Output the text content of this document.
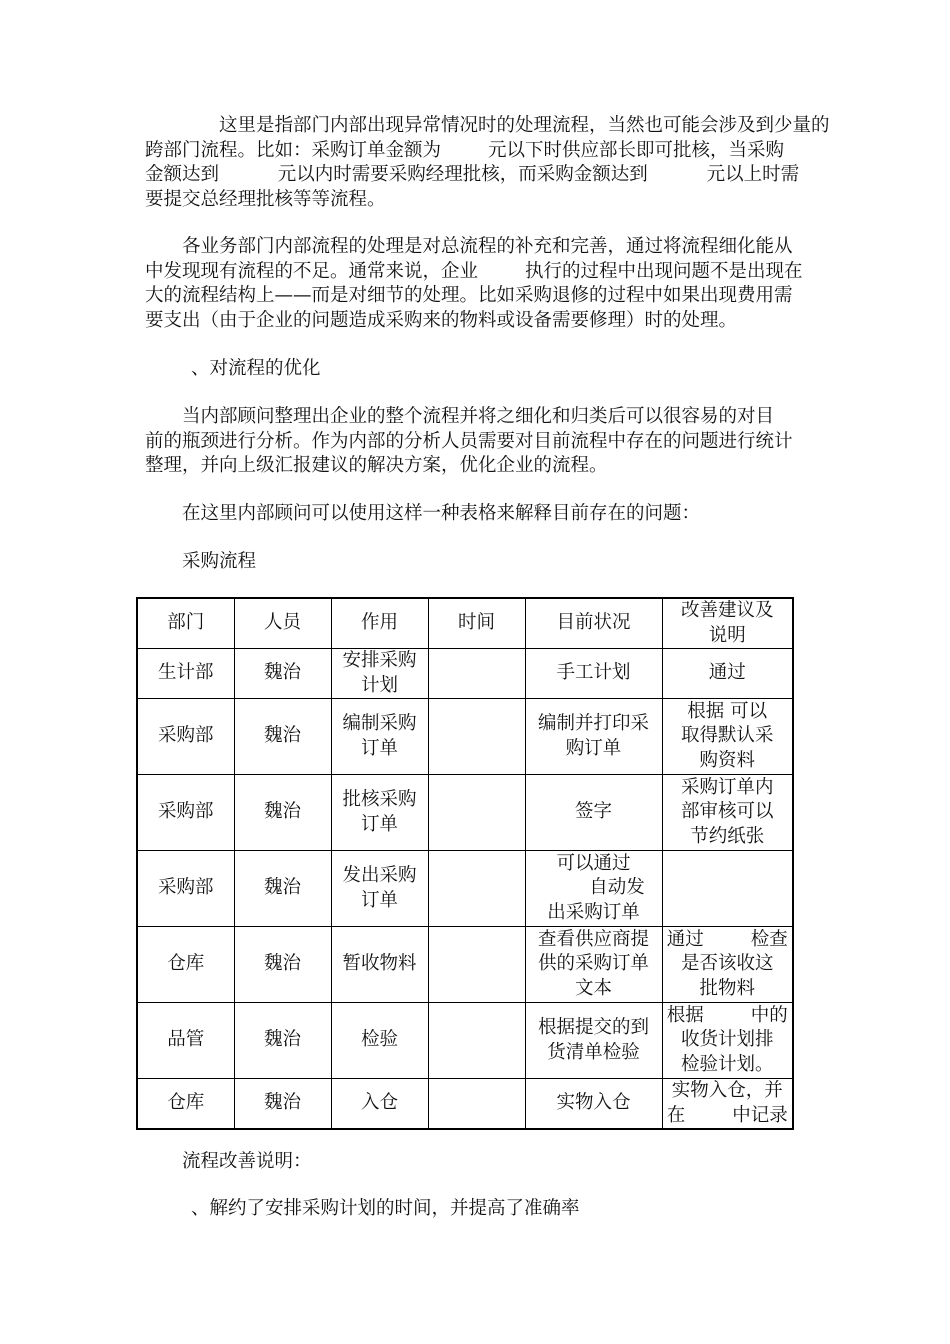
这里是指部门内部出现异常情况时的处理流程，当然也可能会涉及到少量的
跨部门流程。比如：采购订单金额为        元以下时供应部长即可批核，当采购
金额达到          元以内时需要采购经理批核，而采购金额达到          元以上时需
要提交总经理批核等等流程。
各业务部门内部流程的处理是对总流程的补充和完善，通过将流程细化能从
中发现现有流程的不足。通常来说，企业        执行的过程中出现问题不是出现在
大的流程结构上——而是对细节的处理。比如采购退修的过程中如果出现费用需
要支出（由于企业的问题造成采购来的物料或设备需要修理）时的处理。

、对流程的优化

当内部顾问整理出企业的整个流程并将之细化和归类后可以很容易的对目
前的瓶颈进行分析。作为内部的分析人员需要对目前流程中存在的问题进行统计
整理，并向上级汇报建议的解决方案，优化企业的流程。

在这里内部顾问可以使用这样一种表格来解释目前存在的问题：

采购流程

部门	人员	作用	时间	目前状况	改善建议及
说明
生计部	魏治	安排采购
计划		手工计划	通过
采购部	魏治	编制采购
订单		编制并打印采
购订单	根据 可以
取得默认采
购资料
采购部	魏治	批核采购
订单		签字	采购订单内
部审核可以
节约纸张
采购部	魏治	发出采购
订单		可以通过
自动发
出采购订单	
仓库	魏治	暂收物料		查看供应商提
供的采购订单
文本	通过        检查
是否该收这
批物料
品管	魏治	检验		根据提交的到
货清单检验	根据        中的
收货计划排
检验计划。
仓库	魏治	入仓		实物入仓	实物入仓，并
在        中记录

流程改善说明：

、解约了安排采购计划的时间，并提高了准确率
